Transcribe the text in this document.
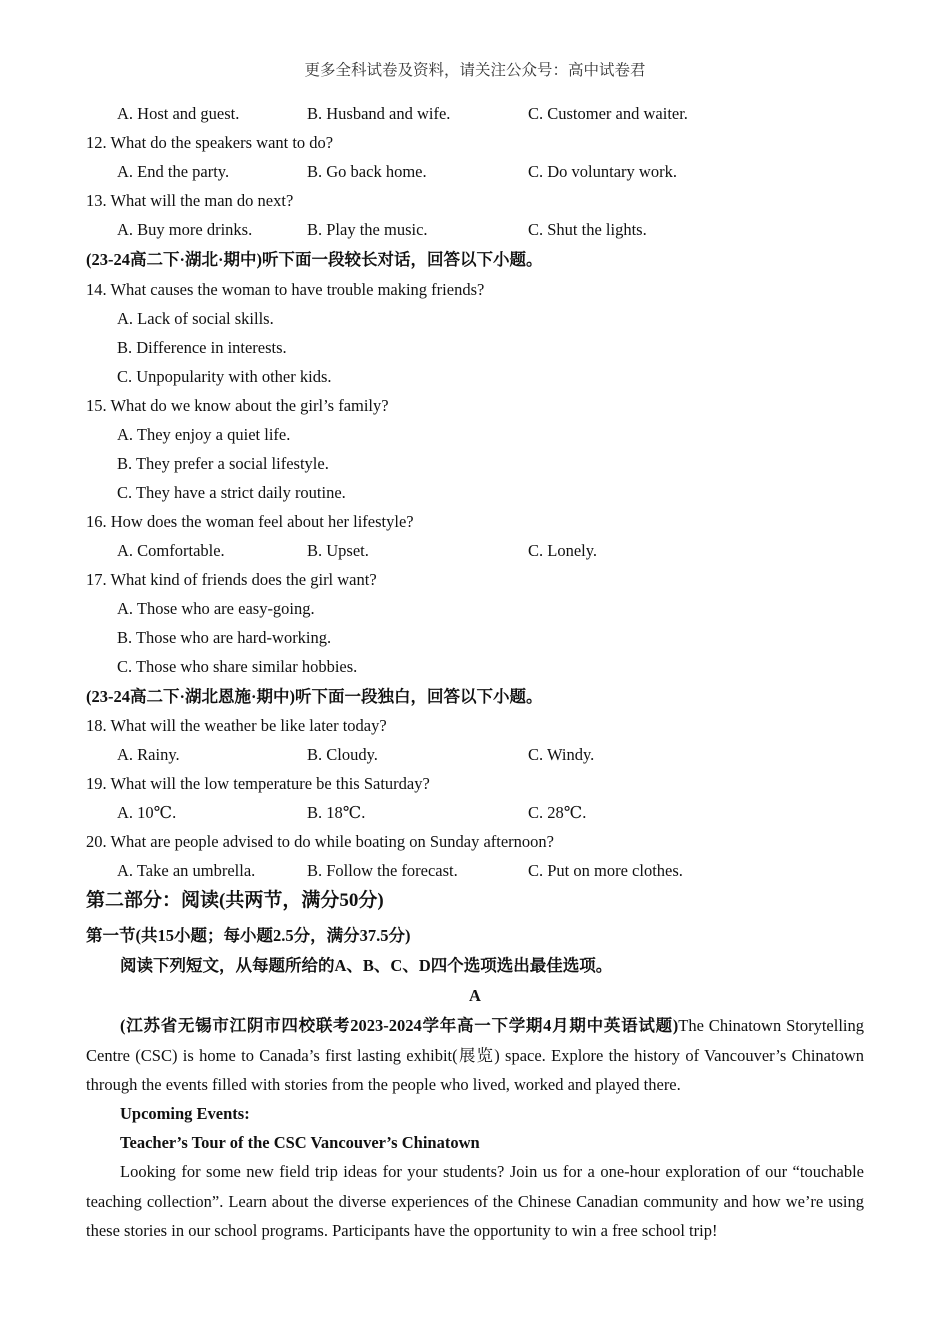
更多全科试卷及资料，请关注公众号：高中试卷君
A. Host and guest.	B. Husband and wife.	C. Customer and waiter.
12. What do the speakers want to do?
A. End the party.	B. Go back home.	C. Do voluntary work.
13. What will the man do next?
A. Buy more drinks.	B. Play the music.	C. Shut the lights.
(23-24高二下·湖北·期中)听下面一段较长对话，回答以下小题。
14. What causes the woman to have trouble making friends?
A. Lack of social skills.
B. Difference in interests.
C. Unpopularity with other kids.
15. What do we know about the girl’s family?
A. They enjoy a quiet life.
B. They prefer a social lifestyle.
C. They have a strict daily routine.
16. How does the woman feel about her lifestyle?
A. Comfortable.	B. Upset.	C. Lonely.
17. What kind of friends does the girl want?
A. Those who are easy-going.
B. Those who are hard-working.
C. Those who share similar hobbies.
(23-24高二下·湖北恩施·期中)听下面一段独白，回答以下小题。
18. What will the weather be like later today?
A. Rainy.	B. Cloudy.	C. Windy.
19. What will the low temperature be this Saturday?
A. 10℃.	B. 18℃.	C. 28℃.
20. What are people advised to do while boating on Sunday afternoon?
A. Take an umbrella.	B. Follow the forecast.	C. Put on more clothes.
第二部分：阅读(共两节，满分50分)
第一节(共15小题；每小题2.5分，满分37.5分)
阅读下列短文，从每题所给的A、B、C、D四个选项选出最佳选项。
A
(江苏省无锡市江阴市四校联考2023-2024学年高一下学期4月期中英语试题)The Chinatown Storytelling Centre (CSC) is home to Canada’s first lasting exhibit(展览) space. Explore the history of Vancouver’s Chinatown through the events filled with stories from the people who lived, worked and played there.
Upcoming Events:
Teacher’s Tour of the CSC Vancouver’s Chinatown
Looking for some new field trip ideas for your students? Join us for a one-hour exploration of our “touchable teaching collection”. Learn about the diverse experiences of the Chinese Canadian community and how we’re using these stories in our school programs. Participants have the opportunity to win a free school trip!
